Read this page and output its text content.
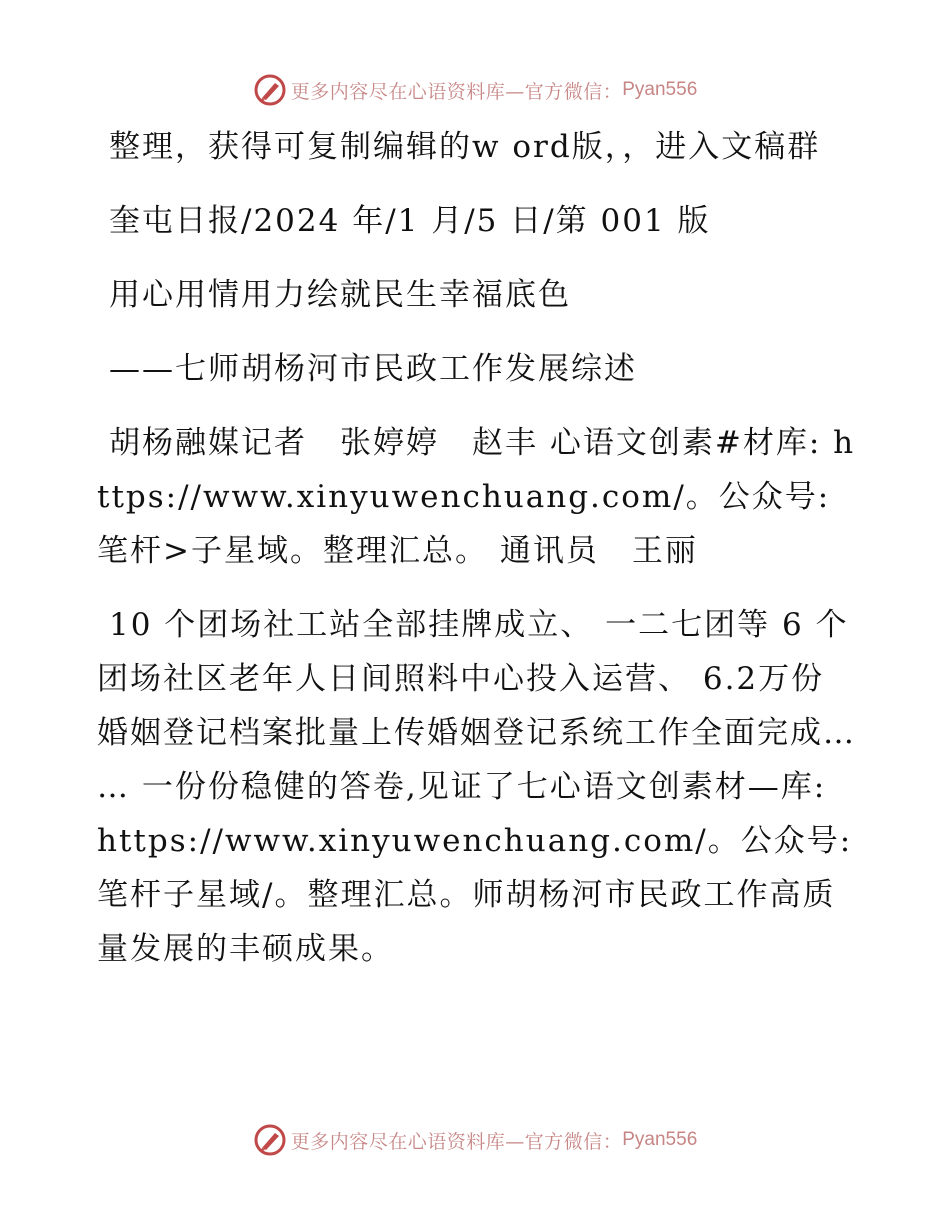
更多内容尽在心语资料库—官方微信： Pyan556

整理，获得可复制编辑的w ord版，，进入文稿群

奎屯日报/2024 年/1 月/5 日/第 001 版

用心用情用力绘就民生幸福底色

——七师胡杨河市民政工作发展综述

胡杨融媒记者　张婷婷　赵丰 心语文创素#材库: https://www.xinyuwenchuang.com/。公众号: 笔杆>子星域。整理汇总。 通讯员　王丽

10 个团场社工站全部挂牌成立、 一二七团等 6 个团场社区老年人日间照料中心投入运营、 6.2万份婚姻登记档案批量上传婚姻登记系统工作全面完成… … 一份份稳健的答卷,见证了七心语文创素材—库: https://www.xinyuwenchuang.com/。公众号: 笔杆子星域/。整理汇总。师胡杨河市民政工作高质量发展的丰硕成果。

更多内容尽在心语资料库—官方微信： Pyan556
